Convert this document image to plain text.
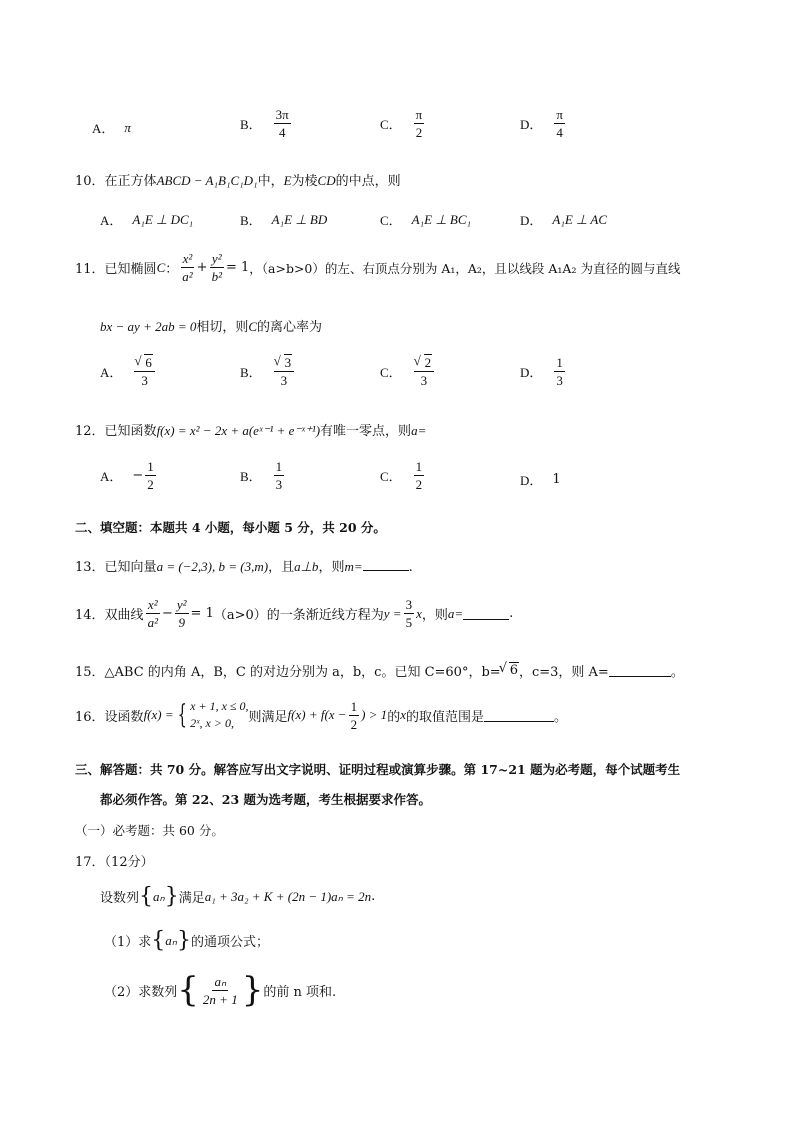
A． π	B． $\frac{3\pi}{4}$	C． $\frac{\pi}{2}$	D． $\frac{\pi}{4}$
10．在正方体ABCD − A₁B₁C₁D₁中，E为棱CD的中点，则
A． A₁E ⊥ DC₁	B． A₁E ⊥ BD	C． A₁E ⊥ BC₁	D． A₁E ⊥ AC
11． 已知椭圆 C ： $\frac{\text{x²}}{\text{a²}} + \frac{\text{y²}}{\text{b²}} = 1$ ，（a>b>0）的左、右顶点分别为 A₁，A₂，且以线段 A₁A₂ 为直径的圆与直线
bx − ay + 2ab = 0相切，则C的离心率为
A． √ $\frac{6}{3}$	B． √ $\frac{3}{3}$	C． √ $\frac{2}{3}$	D． $\frac{1}{3}$
12．已知函数f(x) = x² − 2x + a(eˣ⁻¹ + e⁻ˣ⁺¹)有唯一零点，则a=
A． − $\frac{1}{2}$	B． $\frac{1}{3}$	C． $\frac{1}{2}$	D． 1
二、填空题：本题共 4 小题，每小题 5 分，共 20 分。
13．已知向量a = (−2,3), b = (3,m)，且a⊥b，则m=	.
14． 双曲线 $\frac{\text{x²}}{\text{a²}} - \frac{\text{y²}}{9} = 1$ （a>0）的一条渐近线方程为 $y = \frac{3}{5}$ x ，则 a=	.
15． △ABC 的内角 A，B，C 的对边分别为 a，b，c。已知 C=60°，b= √ 6 ，c=3，则 A=	。
16． 设函数 f(x) = { x + 1, x ≤ 0,
2ˣ, x > 0,	则满足 $f(x) + f(x - \frac{1}{2}$ ) > 1 的 x 的取值范围是	。
三、解答题：共 70 分。解答应写出文字说明、证明过程或演算步骤。第 17~21 题为必考题，每个试题考生
都必须作答。第 22、23 题为选考题，考生根据要求作答。
（一）必考题：共 60 分。
17．（12分）
设数列 { aₙ } 满足 a₁ + 3a₂ + K + (2n − 1)aₙ = 2n .
（1）求 { aₙ } 的通项公式；
（2）求数列 { $\frac{\text{aₙ}}{2n + 1}$ } 的前 n 项和.
